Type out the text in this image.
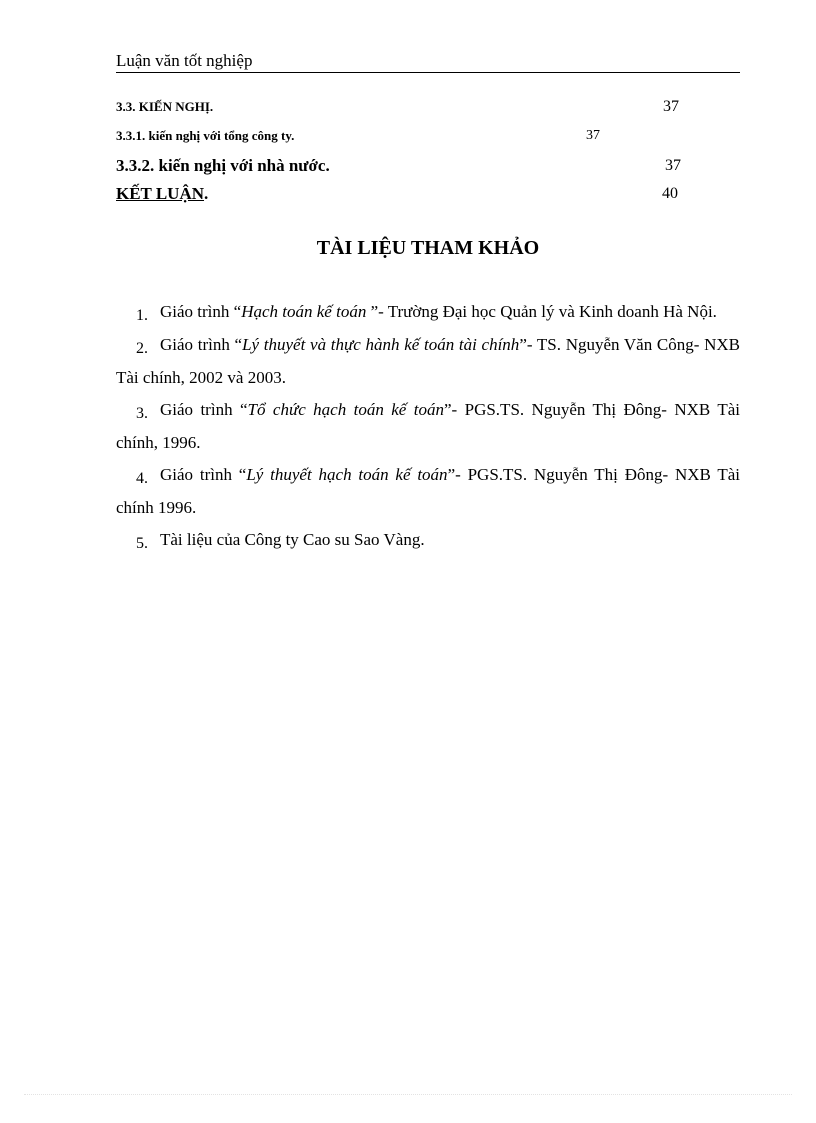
Luận văn tốt nghiệp
3.3. KIẾN NGHỊ.	37
3.3.1. kiến nghị với tổng công ty.	37
3.3.2. kiến nghị với nhà nước.	37
KẾT LUẬN.	40
TÀI LIỆU THAM KHẢO
1. Giáo trình “Hạch toán kế toán ”- Trường Đại học Quản lý và Kinh doanh Hà Nội.
2. Giáo trình “Lý thuyết và thực hành kế toán tài chính”- TS. Nguyễn Văn Công- NXB Tài chính, 2002 và 2003.
3. Giáo trình “Tổ chức hạch toán kế toán”- PGS.TS. Nguyễn Thị Đông- NXB Tài chính, 1996.
4. Giáo trình “Lý thuyết hạch toán kế toán”- PGS.TS. Nguyễn Thị Đông- NXB Tài chính 1996.
5. Tài liệu của Công ty Cao su Sao Vàng.
